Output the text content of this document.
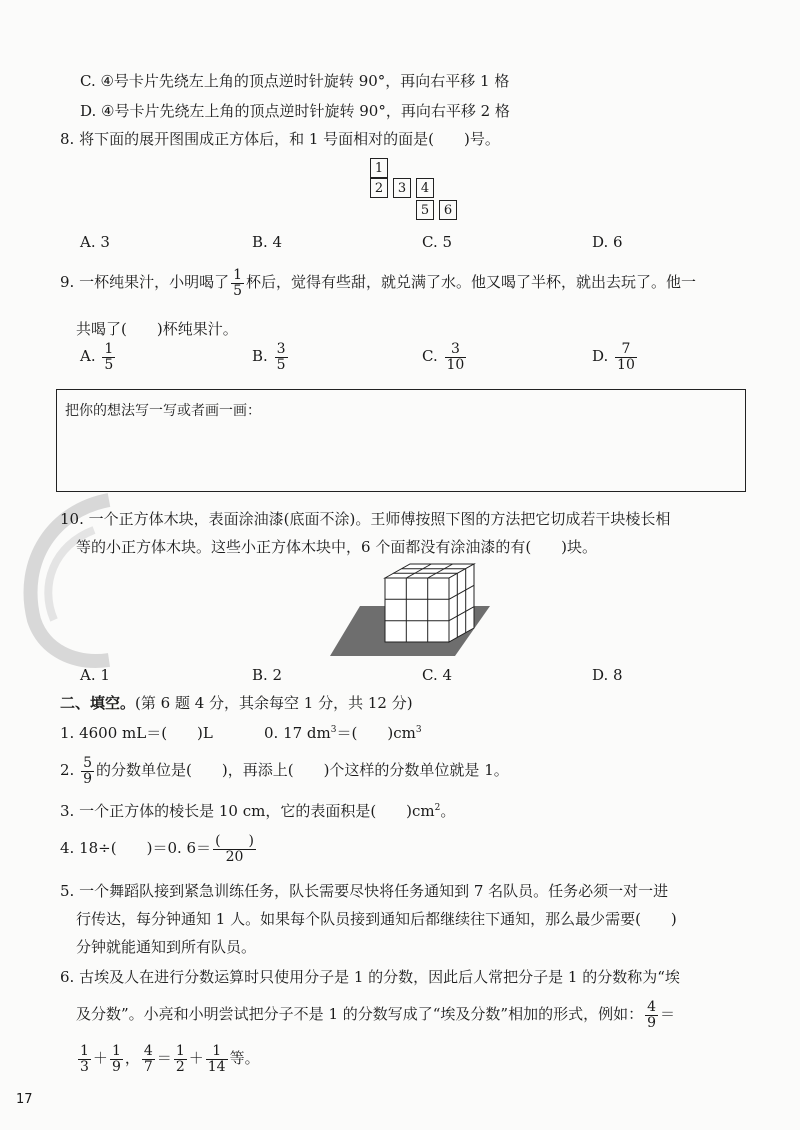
C. ④号卡片先绕左上角的顶点逆时针旋转 90°，再向右平移 1 格
D. ④号卡片先绕左上角的顶点逆时针旋转 90°，再向右平移 2 格
8. 将下面的展开图围成正方体后，和 1 号面相对的面是(　　)号。
1
2	3	4
5	6
A. 3	B. 4	C. 5	D. 6
9. 一杯纯果汁，小明喝了 $\frac{1}{5}$ 杯后，觉得有些甜，就兑满了水。他又喝了半杯，就出去玩了。他一
共喝了(　　)杯纯果汁。
A. $\frac{1}{5}$	B. $\frac{3}{5}$	C. $\frac{3}{10}$	D. $\frac{7}{10}$
把你的想法写一写或者画一画：
10. 一个正方体木块，表面涂油漆(底面不涂)。王师傅按照下图的方法把它切成若干块棱长相
等的小正方体木块。这些小正方体木块中，6 个面都没有涂油漆的有(　　)块。
A. 1	B. 2	C. 4	D. 8
二、填空。(第 6 题 4 分，其余每空 1 分，共 12 分)
1. 4600 mL＝(　　)L	0. 17 $dm^3=$(　　)$cm^3$
2. $\frac{5}{9}$ 的分数单位是(　　)，再添上(　　)个这样的分数单位就是 1。
3. 一个正方体的棱长是 10 cm，它的表面积是(　　)$cm^2$。
4. 18÷(　　)＝0. $6= \frac{( )}{20}$
5. 一个舞蹈队接到紧急训练任务，队长需要尽快将任务通知到 7 名队员。任务必须一对一进
行传达，每分钟通知 1 人。如果每个队员接到通知后都继续往下通知，那么最少需要(　　)
分钟就能通知到所有队员。
6. 古埃及人在进行分数运算时只使用分子是 1 的分数，因此后人常把分子是 1 的分数称为“埃
及分数”。小亮和小明尝试把分子不是 1 的分数写成了“埃及分数”相加的形式，例如： $\frac{4}{9}$ ＝
$\frac{1}{3} + \frac{1}{9}$ ， $\frac{4}{7} = \frac{1}{2} + \frac{1}{14}$ 等。
17
